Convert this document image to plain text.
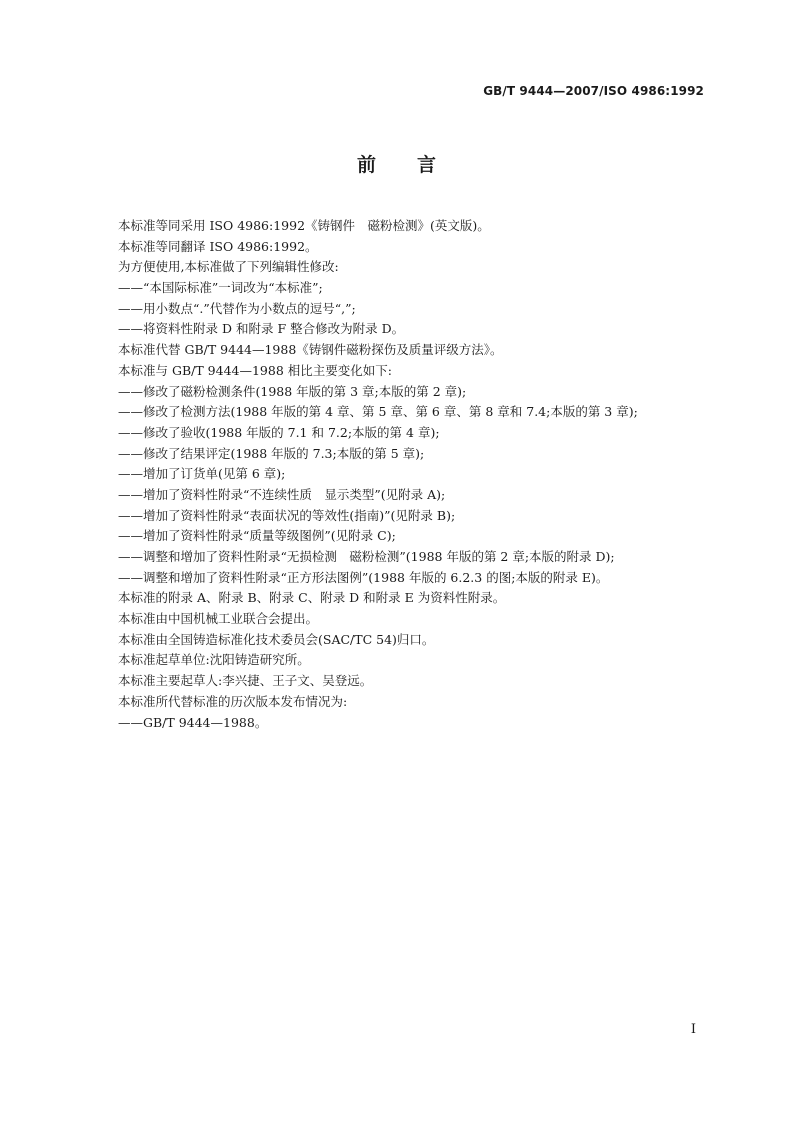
GB/T 9444—2007/ISO 4986:1992
前 言
本标准等同采用 ISO 4986:1992《铸钢件　磁粉检测》(英文版)。
本标准等同翻译 ISO 4986:1992。
为方便使用,本标准做了下列编辑性修改:
——“本国际标准”一词改为“本标准”;
——用小数点“.”代替作为小数点的逗号“,”;
——将资料性附录 D 和附录 F 整合修改为附录 D。
本标准代替 GB/T 9444—1988《铸钢件磁粉探伤及质量评级方法》。
本标准与 GB/T 9444—1988 相比主要变化如下:
——修改了磁粉检测条件(1988 年版的第 3 章;本版的第 2 章);
——修改了检测方法(1988 年版的第 4 章、第 5 章、第 6 章、第 8 章和 7.4;本版的第 3 章);
——修改了验收(1988 年版的 7.1 和 7.2;本版的第 4 章);
——修改了结果评定(1988 年版的 7.3;本版的第 5 章);
——增加了订货单(见第 6 章);
——增加了资料性附录“不连续性质　显示类型”(见附录 A);
——增加了资料性附录“表面状况的等效性(指南)”(见附录 B);
——增加了资料性附录“质量等级图例”(见附录 C);
——调整和增加了资料性附录“无损检测　磁粉检测”(1988 年版的第 2 章;本版的附录 D);
——调整和增加了资料性附录“正方形法图例”(1988 年版的 6.2.3 的图;本版的附录 E)。
本标准的附录 A、附录 B、附录 C、附录 D 和附录 E 为资料性附录。
本标准由中国机械工业联合会提出。
本标准由全国铸造标准化技术委员会(SAC/TC 54)归口。
本标准起草单位:沈阳铸造研究所。
本标准主要起草人:李兴捷、王子文、吴登远。
本标准所代替标准的历次版本发布情况为:
——GB/T 9444—1988。
I
